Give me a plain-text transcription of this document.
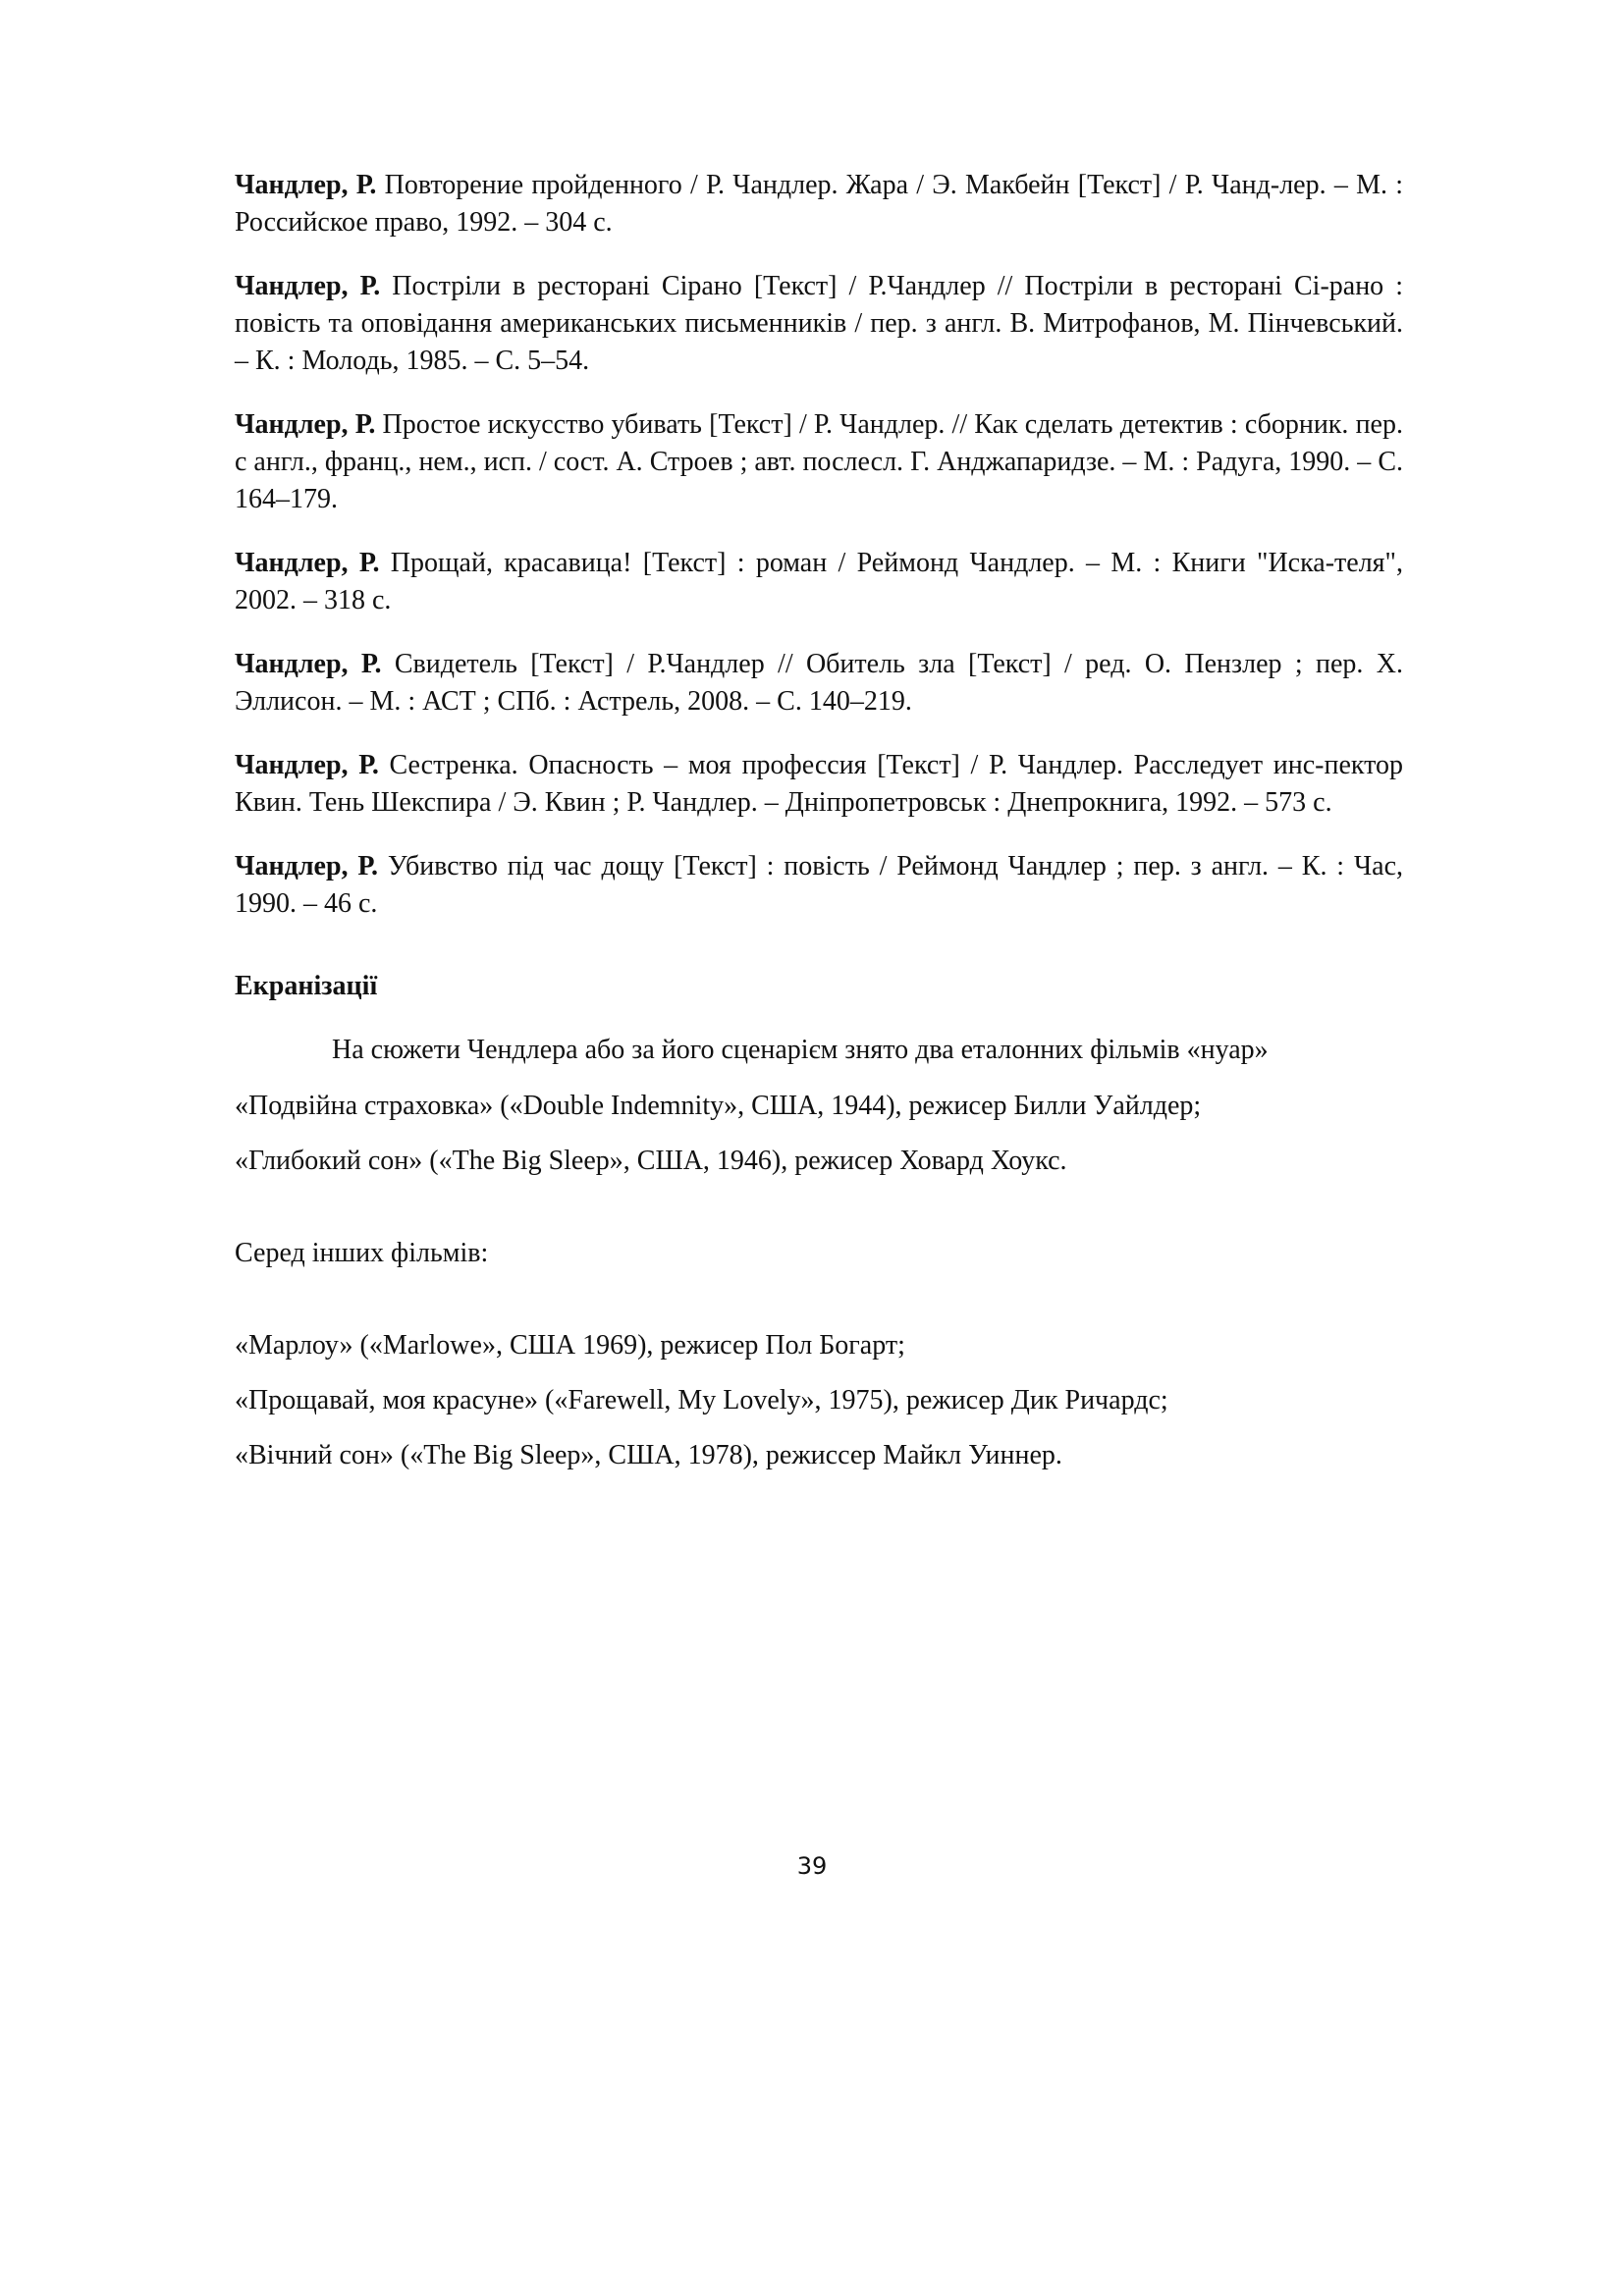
Чандлер, Р. Повторение пройденного / Р. Чандлер. Жара / Э. Макбейн [Текст] / Р. Чанд-лер. – М. : Российское право, 1992. – 304 с.

Чандлер, Р. Постріли в ресторані Сірано [Текст] / Р.Чандлер // Постріли в ресторані Сі-рано : повість та оповідання американських письменників / пер. з англ. В. Митрофанов, М. Пінчевський. – К. : Молодь, 1985. – С. 5–54.

Чандлер, Р. Простое искусство убивать [Текст] / Р. Чандлер. // Как сделать детектив : сборник. пер. с англ., франц., нем., исп. / сост. А. Строев ; авт. послесл. Г. Анджапаридзе. – М. : Радуга, 1990. – С. 164–179.

Чандлер, Р. Прощай, красавица! [Текст] : роман / Реймонд Чандлер. – М. : Книги "Иска-теля", 2002. – 318 с.

Чандлер, Р. Свидетель [Текст] / Р.Чандлер // Обитель зла [Текст] / ред. О. Пензлер ; пер. Х. Эллисон. – М. : АСТ ; СПб. : Астрель, 2008. – С. 140–219.

Чандлер, Р. Сестренка. Опасность – моя профессия [Текст] / Р. Чандлер. Расследует инс-пектор Квин. Тень Шекспира / Э. Квин ; Р. Чандлер. – Дніпропетровськ : Днепрокнига, 1992. – 573 с.

Чандлер, Р. Убивство під час дощу [Текст] : повість / Реймонд Чандлер ; пер. з англ. – К. : Час, 1990. – 46 с.

Екранізації

На сюжети Чендлера або за його сценарієм знято два еталонних фільмів «нуар»

«Подвійна страховка» («Double Indemnity», США, 1944), режисер Билли Уайлдер;

«Глибокий сон» («The Big Sleep», США, 1946), режисер Ховард Хоукс.

Серед інших фільмів:

«Марлоу» («Marlowe», США 1969), режисер Пол Богарт;

«Прощавай, моя красуне» («Farewell, My Lovely», 1975), режисер Дик Ричардс;

«Вічний сон» («The Big Sleep», США, 1978), режиссер Майкл Уиннер.

39
